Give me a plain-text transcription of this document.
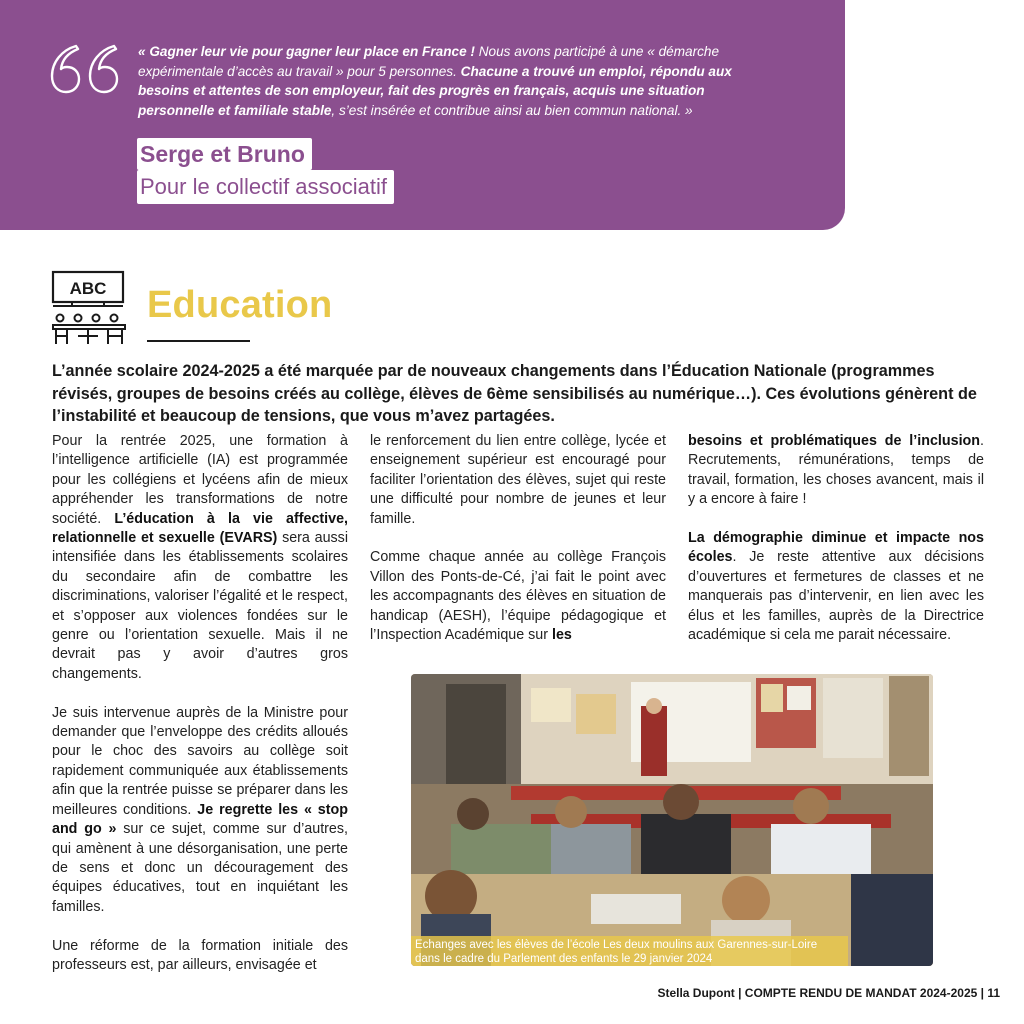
« Gagner leur vie pour gagner leur place en France ! Nous avons participé à une « démarche expérimentale d’accès au travail » pour 5 personnes. Chacune a trouvé un emploi, répondu aux besoins et attentes de son employeur, fait des progrès en français, acquis une situation personnelle et familiale stable, s’est insérée et contribue ainsi au bien commun national. »

Serge et Bruno
Pour le collectif associatif
ABC Education

L’année scolaire 2024-2025 a été marquée par de nouveaux changements dans l’Éducation Nationale (programmes révisés, groupes de besoins créés au collège, élèves de 6ème sensibilisés au numérique…). Ces évolutions génèrent de l’instabilité et beaucoup de tensions, que vous m’avez partagées.

Pour la rentrée 2025, une formation à l’intelligence artificielle (IA) est programmée pour les collégiens et lycéens afin de mieux appréhender les transformations de notre société. L’éducation à la vie affective, relationnelle et sexuelle (EVARS) sera aussi intensifiée dans les établissements scolaires du secondaire afin de combattre les discriminations, valoriser l’égalité et le respect, et s’opposer aux violences fondées sur le genre ou l’orientation sexuelle. Mais il ne devrait pas y avoir d’autres gros changements.

Je suis intervenue auprès de la Ministre pour demander que l’enveloppe des crédits alloués pour le choc des savoirs au collège soit rapidement communiquée aux établissements afin que la rentrée puisse se préparer dans les meilleures conditions. Je regrette les « stop and go » sur ce sujet, comme sur d’autres, qui amènent à une désorganisation, une perte de sens et donc un découragement des équipes éducatives, tout en inquiétant les familles.

Une réforme de la formation initiale des professeurs est, par ailleurs, envisagée et

le renforcement du lien entre collège, lycée et enseignement supérieur est encouragé pour faciliter l’orientation des élèves, sujet qui reste une difficulté pour nombre de jeunes et leur famille.

Comme chaque année au collège François Villon des Ponts-de-Cé, j’ai fait le point avec les accompagnants des élèves en situation de handicap (AESH), l’équipe pédagogique et l’Inspection Académique sur les

besoins et problématiques de l’inclusion. Recrutements, rémunérations, temps de travail, formation, les choses avancent, mais il y a encore à faire !

La démographie diminue et impacte nos écoles. Je reste attentive aux décisions d’ouvertures et fermetures de classes et ne manquerais pas d’intervenir, en lien avec les élus et les familles, auprès de la Directrice académique si cela me parait nécessaire.

Echanges avec les élèves de l’école Les deux moulins aux Garennes-sur-Loire dans le cadre du Parlement des enfants le 29 janvier 2024
Stella Dupont | COMPTE RENDU DE MANDAT 2024-2025 | 11
